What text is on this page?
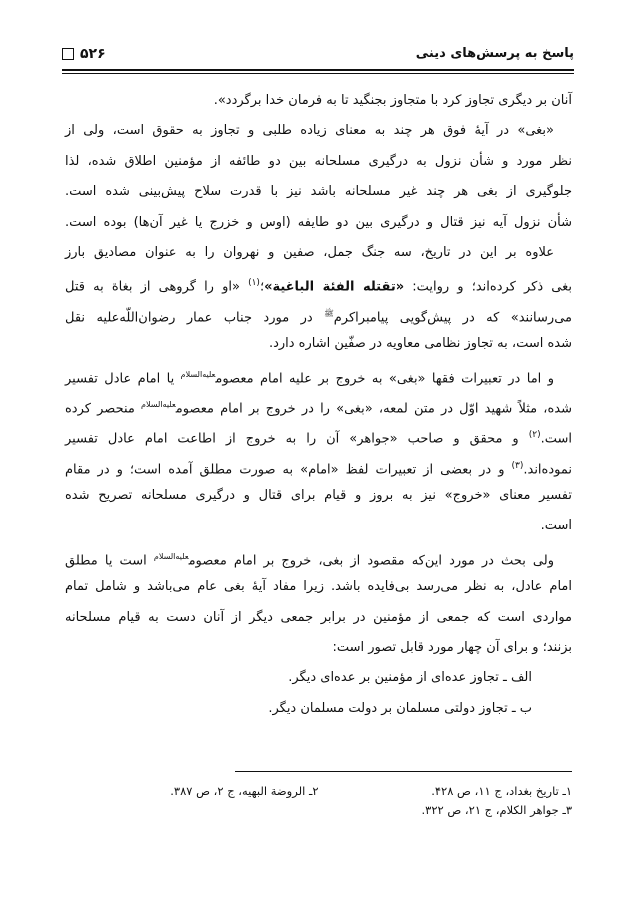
۵۲۶	پاسخ به پرسش‌های دینی
آنان بر دیگری تجاوز کرد با متجاوز بجنگید تا به فرمان خدا برگردد».
«بغی» در آیهٔ فوق هر چند به معنای زیاده طلبی و تجاوز به حقوق است، ولی از
نظر مورد و شأن نزول به درگیری مسلحانه بین دو طائفه از مؤمنین اطلاق شده، لذا
جلوگیری از بغی هر چند غیر مسلحانه باشد نیز با قدرت سلاح پیش‌بینی شده است.
شأن نزول آیه نیز قتال و درگیری بین دو طایفه (اوس و خزرج یا غیر آن‌ها) بوده است.
علاوه بر این در تاریخ، سه جنگ جمل، صفین و نهروان را به عنوان مصادیق بارز
بغی ذکر کرده‌اند؛ و روایت: «تقتله الفئة الباغیة»؛$^{(۱)}$ «او را گروهی از بغاة به قتل
می‌رسانند» که در پیش‌گویی پیامبراکرم$^ﷺ$ در مورد جناب عمار رضوان‌اللّه‌علیه نقل
شده است، به تجاوز نظامی معاویه در صفّین اشاره دارد.
و اما در تعبیرات فقها «بغی» به خروج بر علیه امام معصوم$^{علیه‌السلام}$ یا امام عادل تفسیر
شده، مثلاً شهید اوّل در متن لمعه، «بغی» را در خروج بر امام معصوم$^{علیه‌السلام}$ منحصر کرده
است.$^{(۲)}$ و محقق و صاحب «جواهر» آن را به خروج از اطاعت امام عادل تفسیر
نموده‌اند.$^{(۳)}$ و در بعضی از تعبیرات لفظ «امام» به صورت مطلق آمده است؛ و در مقام
تفسیر معنای «خروج» نیز به بروز و قیام برای قتال و درگیری مسلحانه تصریح شده
است.
ولی بحث در مورد این‌که مقصود از بغی، خروج بر امام معصوم$^{علیه‌السلام}$ است یا مطلق
امام عادل، به نظر می‌رسد بی‌فایده باشد. زیرا مفاد آیهٔ بغی عام می‌باشد و شامل تمام
مواردی است که جمعی از مؤمنین در برابر جمعی دیگر از آنان دست به قیام مسلحانه
بزنند؛ و برای آن چهار مورد قابل تصور است:
الف ـ تجاوز عده‌ای از مؤمنین بر عده‌ای دیگر.
ب ـ تجاوز دولتی مسلمان بر دولت مسلمان دیگر.
۱ـ تاریخ بغداد، ج ۱۱، ص ۴۲۸.
۲ـ الروضة البهیه، ج ۲، ص ۳۸۷.
۳ـ جواهر الکلام، ج ۲۱، ص ۳۲۲.
